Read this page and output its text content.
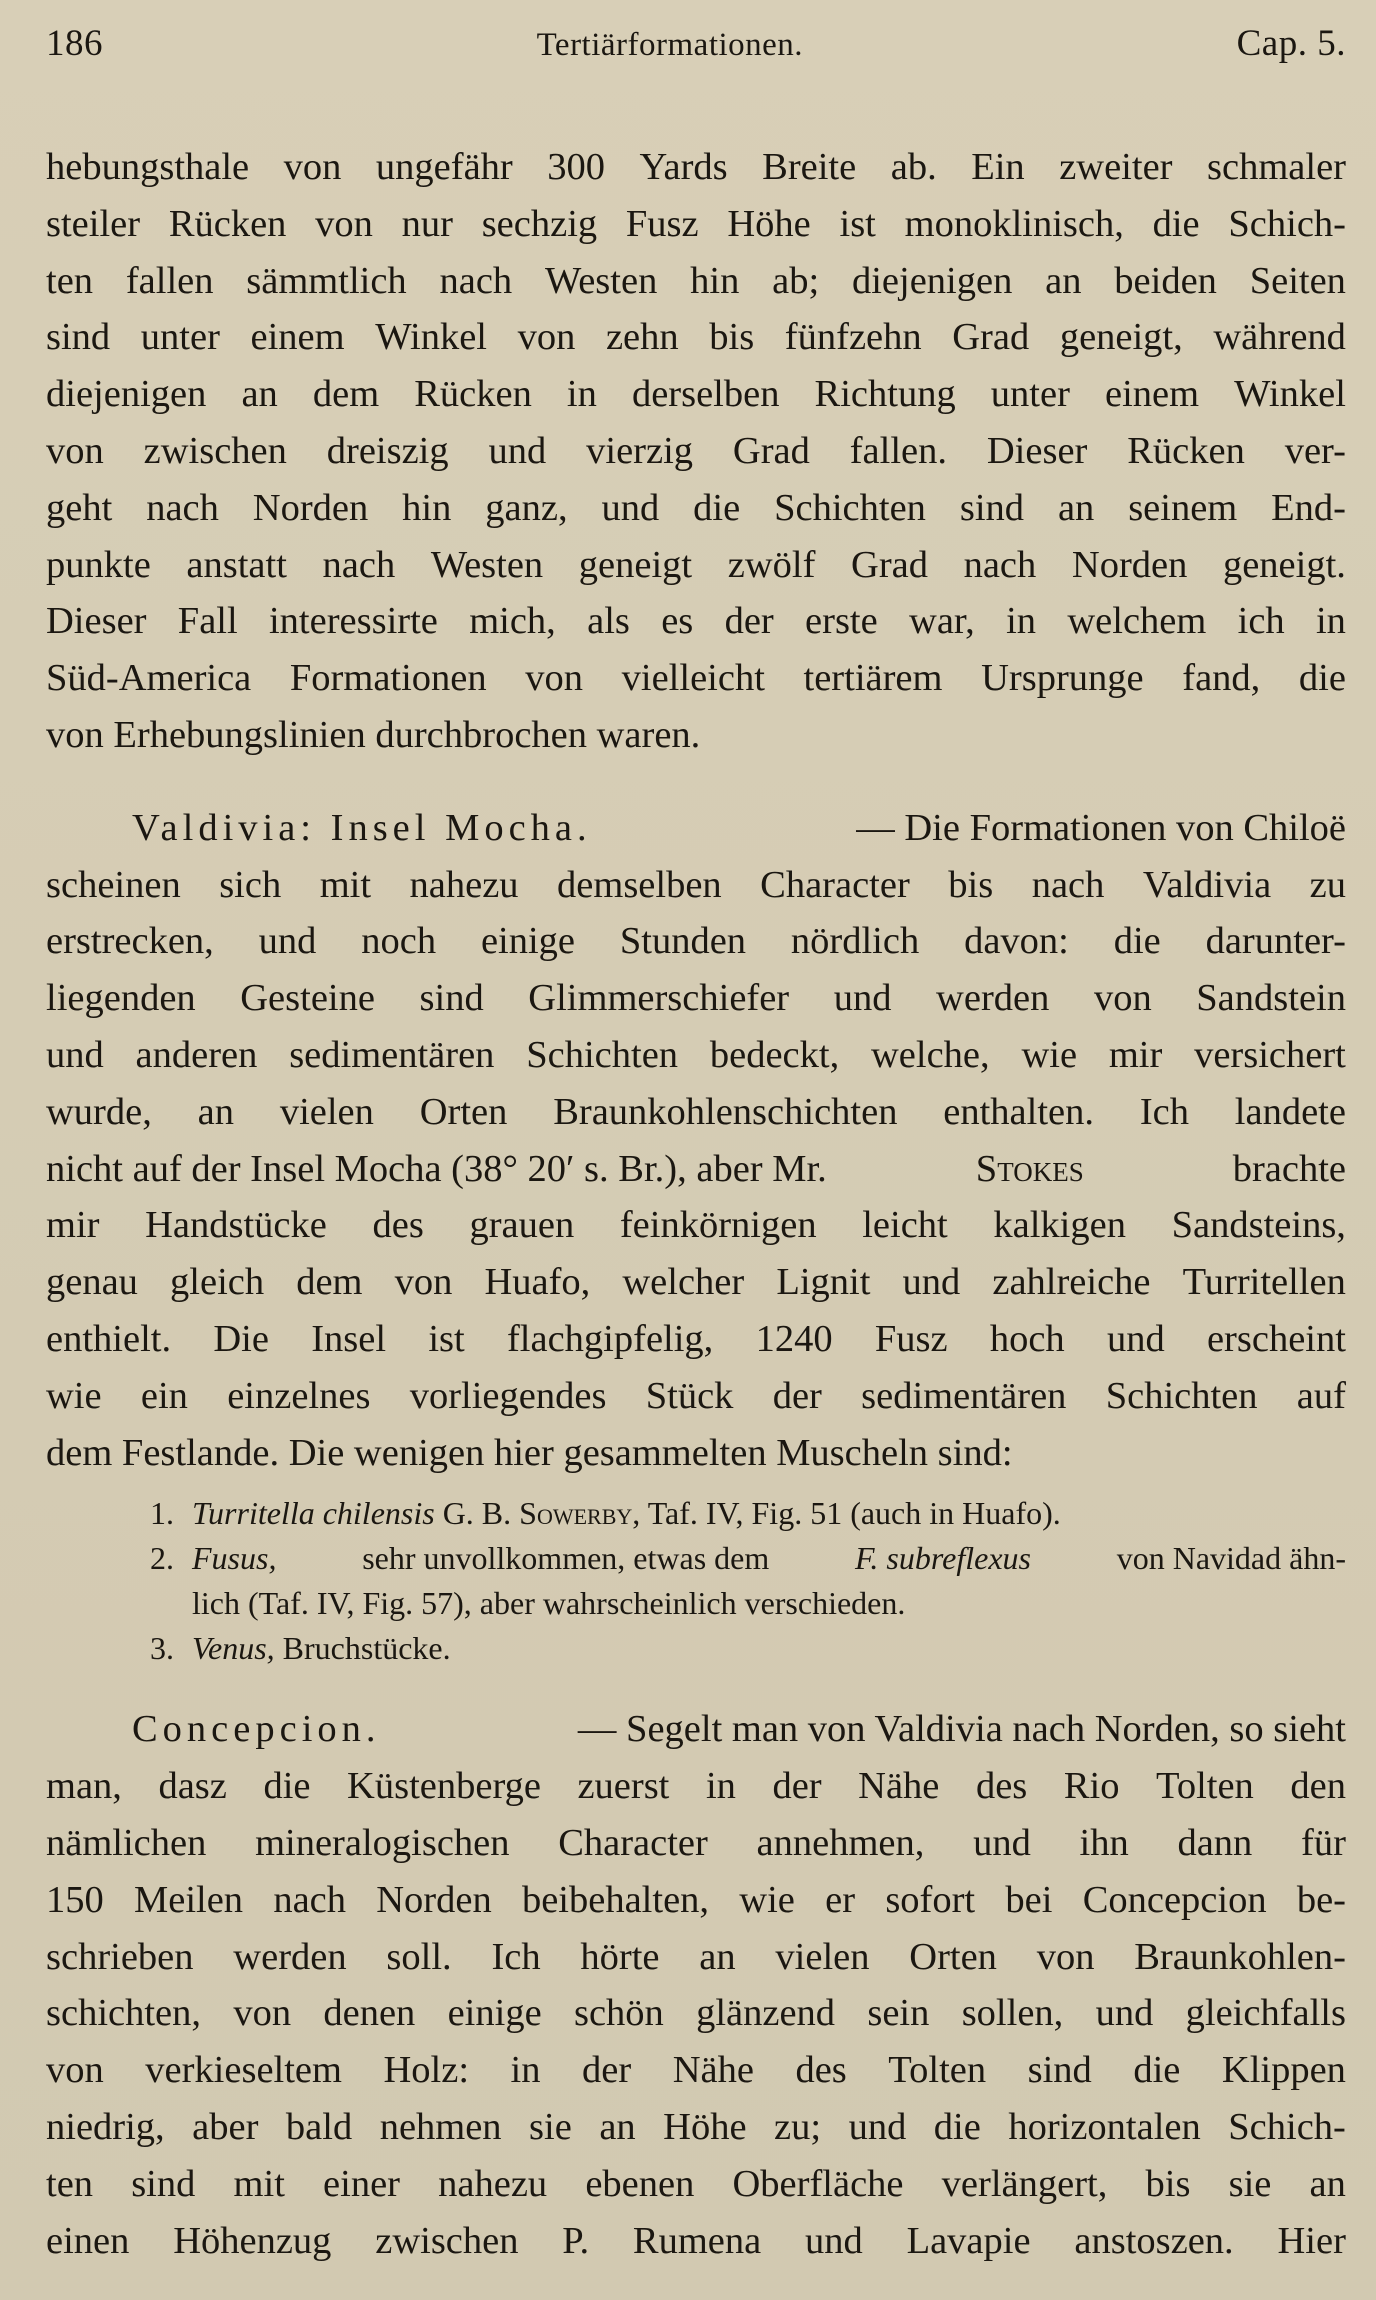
186	Tertiärformationen.	Cap. 5.
hebungsthale von ungefähr 300 Yards Breite ab. Ein zweiter schmaler
steiler Rücken von nur sechzig Fusz Höhe ist monoklinisch, die Schich-
ten fallen sämmtlich nach Westen hin ab; diejenigen an beiden Seiten
sind unter einem Winkel von zehn bis fünfzehn Grad geneigt, während
diejenigen an dem Rücken in derselben Richtung unter einem Winkel
von zwischen dreiszig und vierzig Grad fallen. Dieser Rücken ver-
geht nach Norden hin ganz, und die Schichten sind an seinem End-
punkte anstatt nach Westen geneigt zwölf Grad nach Norden geneigt.
Dieser Fall interessirte mich, als es der erste war, in welchem ich in
Süd-America Formationen von vielleicht tertiärem Ursprunge fand, die
von Erhebungslinien durchbrochen waren.
Valdivia: Insel Mocha.	— Die Formationen von Chiloë
scheinen sich mit nahezu demselben Character bis nach Valdivia zu
erstrecken, und noch einige Stunden nördlich davon: die darunter-
liegenden Gesteine sind Glimmerschiefer und werden von Sandstein
und anderen sedimentären Schichten bedeckt, welche, wie mir versichert
wurde, an vielen Orten Braunkohlenschichten enthalten. Ich landete
nicht auf der Insel Mocha (38° 20′ s. Br.), aber Mr.	Stokes	brachte
mir Handstücke des grauen feinkörnigen leicht kalkigen Sandsteins,
genau gleich dem von Huafo, welcher Lignit und zahlreiche Turritellen
enthielt. Die Insel ist flachgipfelig, 1240 Fusz hoch und erscheint
wie ein einzelnes vorliegendes Stück der sedimentären Schichten auf
dem Festlande. Die wenigen hier gesammelten Muscheln sind:
1. Turritella chilensis G. B. Sowerby, Taf. IV, Fig. 51 (auch in Huafo).
2. Fusus,	sehr unvollkommen, etwas dem	F. subreflexus	von Navidad ähn-
lich (Taf. IV, Fig. 57), aber wahrscheinlich verschieden.
3. Venus, Bruchstücke.
Concepcion.	— Segelt man von Valdivia nach Norden, so sieht
man, dasz die Küstenberge zuerst in der Nähe des Rio Tolten den
nämlichen mineralogischen Character annehmen, und ihn dann für
150 Meilen nach Norden beibehalten, wie er sofort bei Concepcion be-
schrieben werden soll. Ich hörte an vielen Orten von Braunkohlen-
schichten, von denen einige schön glänzend sein sollen, und gleichfalls
von verkieseltem Holz: in der Nähe des Tolten sind die Klippen
niedrig, aber bald nehmen sie an Höhe zu; und die horizontalen Schich-
ten sind mit einer nahezu ebenen Oberfläche verlängert, bis sie an
einen Höhenzug zwischen P. Rumena und Lavapie anstoszen. Hier
